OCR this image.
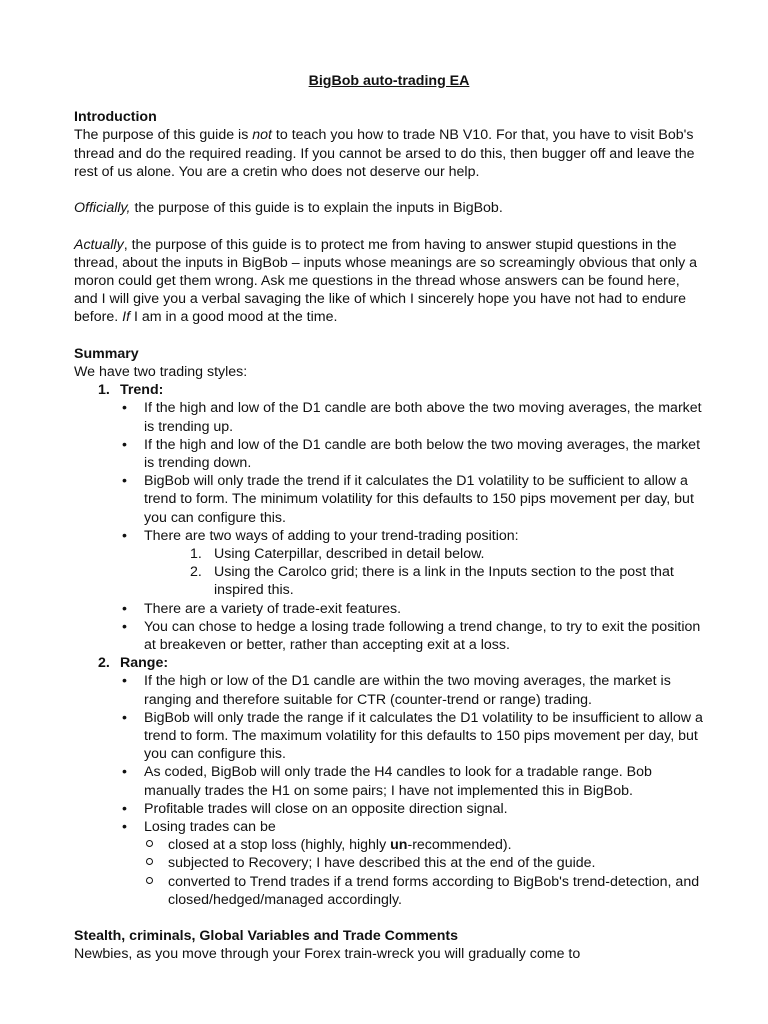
BigBob auto-trading EA
Introduction

The purpose of this guide is not to teach you how to trade NB V10. For that, you have to visit Bob's thread and do the required reading. If you cannot be arsed to do this, then bugger off and leave the rest of us alone. You are a cretin who does not deserve our help.

Officially, the purpose of this guide is to explain the inputs in BigBob.

Actually, the purpose of this guide is to protect me from having to answer stupid questions in the thread, about the inputs in BigBob – inputs whose meanings are so screamingly obvious that only a moron could get them wrong. Ask me questions in the thread whose answers can be found here, and I will give you a verbal savaging the like of which I sincerely hope you have not had to endure before. If I am in a good mood at the time.

Summary

We have two trading styles:

1. Trend:
•	If the high and low of the D1 candle are both above the two moving averages, the market is trending up.
•	If the high and low of the D1 candle are both below the two moving averages, the market is trending down.
•	BigBob will only trade the trend if it calculates the D1 volatility to be sufficient to allow a trend to form. The minimum volatility for this defaults to 150 pips movement per day, but you can configure this.
•	There are two ways of adding to your trend-trading position:
1. Using Caterpillar, described in detail below.
2. Using the Carolco grid; there is a link in the Inputs section to the post that inspired this.
•	There are a variety of trade-exit features.
•	You can chose to hedge a losing trade following a trend change, to try to exit the position at breakeven or better, rather than accepting exit at a loss.
2. Range:
•	If the high or low of the D1 candle are within the two moving averages, the market is ranging and therefore suitable for CTR (counter-trend or range) trading.
•	BigBob will only trade the range if it calculates the D1 volatility to be insufficient to allow a trend to form. The maximum volatility for this defaults to 150 pips movement per day, but you can configure this.
•	As coded, BigBob will only trade the H4 candles to look for a tradable range. Bob manually trades the H1 on some pairs; I have not implemented this in BigBob.
•	Profitable trades will close on an opposite direction signal.
•	Losing trades can be
closed at a stop loss (highly, highly un-recommended).
subjected to Recovery; I have described this at the end of the guide.
converted to Trend trades if a trend forms according to BigBob's trend-detection, and closed/hedged/managed accordingly.
Stealth, criminals, Global Variables and Trade Comments

Newbies, as you move through your Forex train-wreck you will gradually come to
